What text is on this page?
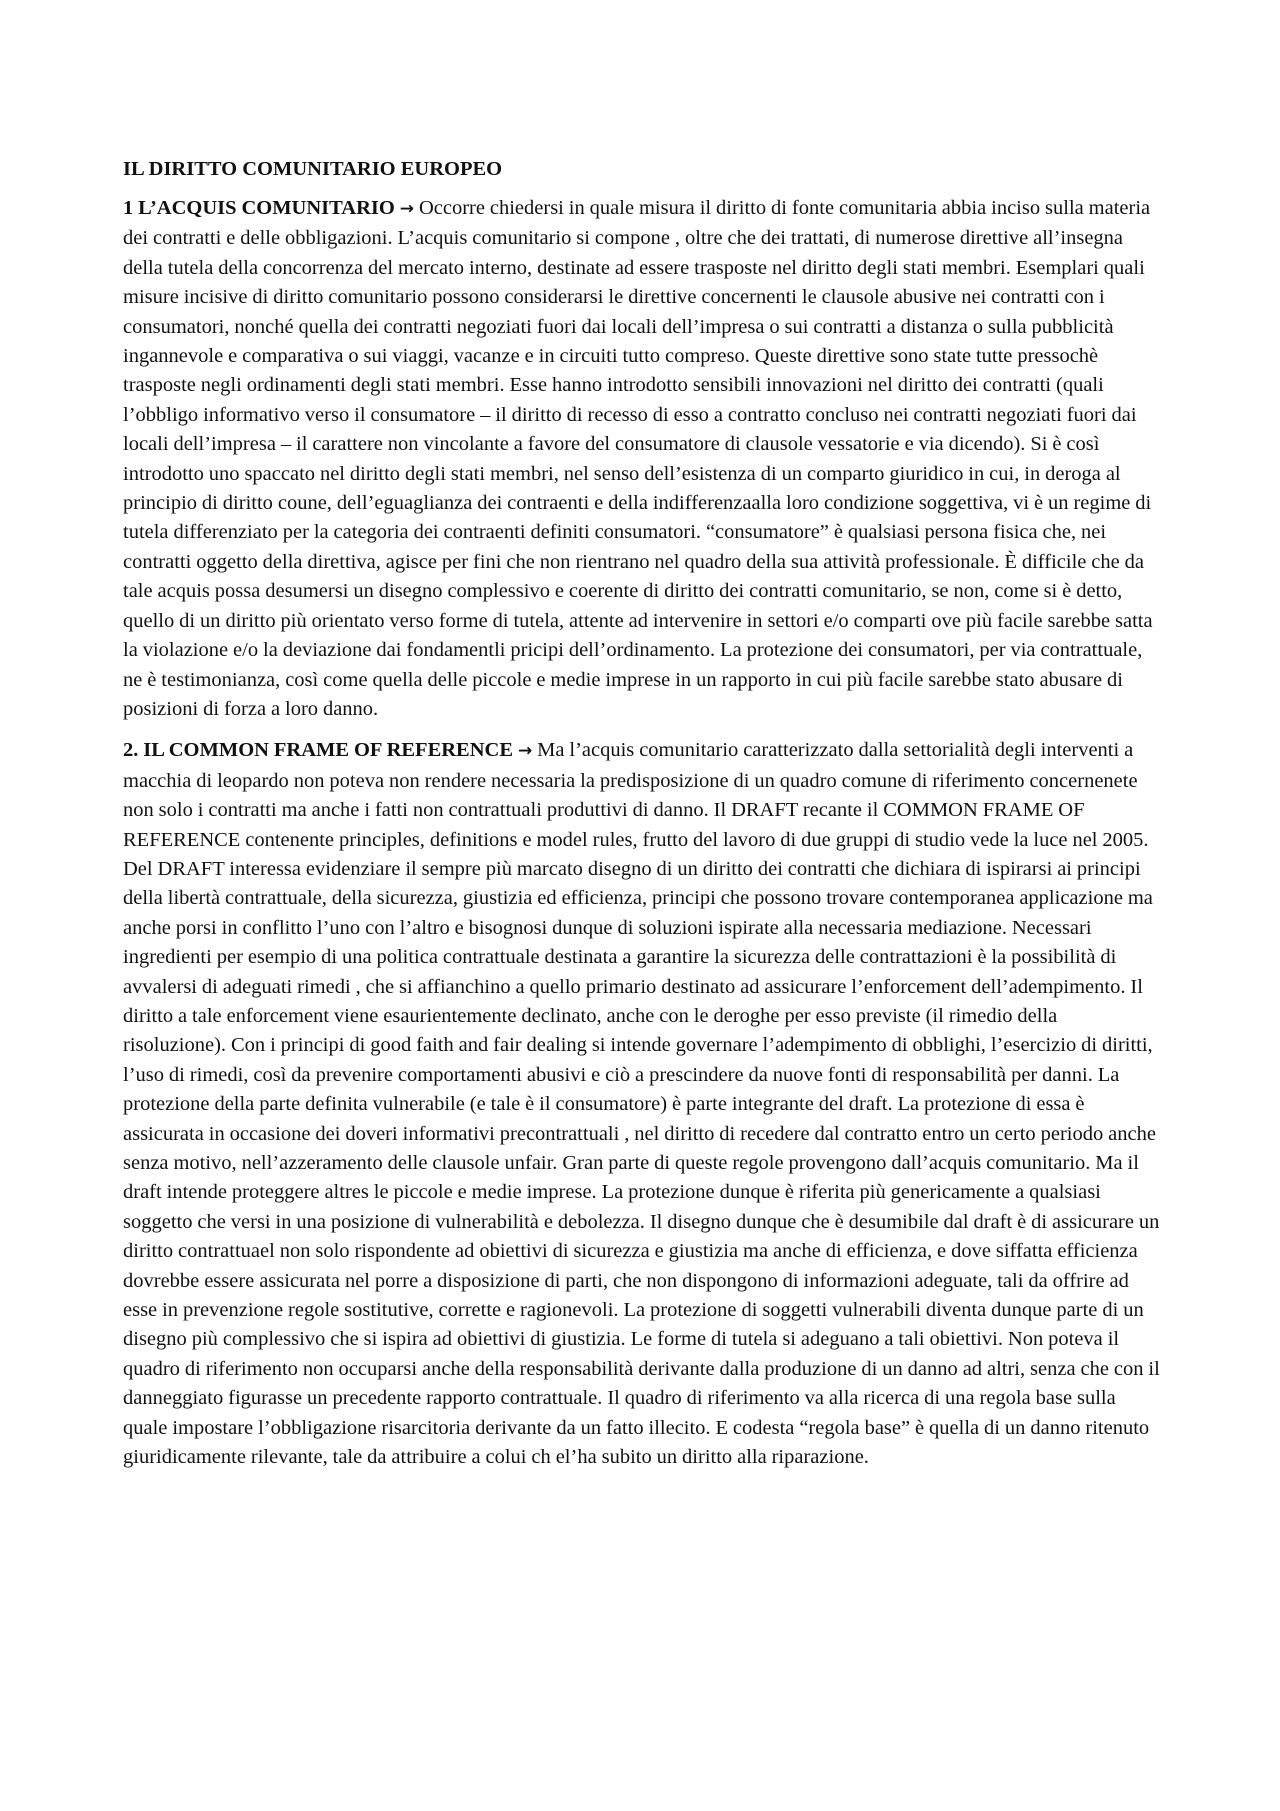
IL DIRITTO COMUNITARIO EUROPEO

1 L’ACQUIS COMUNITARIO → Occorre chiedersi in quale misura il diritto di fonte comunitaria abbia inciso sulla materia dei contratti e delle obbligazioni. L’acquis comunitario si compone , oltre che dei trattati, di numerose direttive all’insegna della tutela della concorrenza del mercato interno, destinate ad essere trasposte nel diritto degli stati membri. Esemplari quali misure incisive di diritto comunitario possono considerarsi le direttive concernenti le clausole abusive nei contratti con i consumatori, nonché quella dei contratti negoziati fuori dai locali dell’impresa o sui contratti a distanza o sulla pubblicità ingannevole e comparativa o sui viaggi, vacanze e in circuiti tutto compreso. Queste direttive sono state tutte pressochè trasposte negli ordinamenti degli stati membri. Esse hanno introdotto sensibili innovazioni nel diritto dei contratti (quali l’obbligo informativo verso il consumatore – il diritto di recesso di esso a contratto concluso nei contratti negoziati fuori dai locali dell’impresa – il carattere non vincolante a favore del consumatore di clausole vessatorie e via dicendo). Si è così introdotto uno spaccato nel diritto degli stati membri, nel senso dell’esistenza di un comparto giuridico in cui, in deroga al principio di diritto coune, dell’eguaglianza dei contraenti e della indifferenzaalla loro condizione soggettiva, vi è un regime di tutela differenziato per la categoria dei contraenti definiti consumatori. “consumatore” è qualsiasi persona fisica che, nei contratti oggetto della direttiva, agisce per fini che non rientrano nel quadro della sua attività professionale. È difficile che da tale acquis possa desumersi un disegno complessivo e coerente di diritto dei contratti comunitario, se non, come si è detto, quello di un diritto più orientato verso forme di tutela, attente ad intervenire in settori e/o comparti ove più facile sarebbe satta la violazione e/o la deviazione dai fondamentli pricipi dell’ordinamento. La protezione dei consumatori, per via contrattuale, ne è testimonianza, così come quella delle piccole e medie imprese in un rapporto in cui più facile sarebbe stato abusare di posizioni di forza a loro danno.

2. IL COMMON FRAME OF REFERENCE → Ma l’acquis comunitario caratterizzato dalla settorialità degli interventi a macchia di leopardo non poteva non rendere necessaria la predisposizione di un quadro comune di riferimento concernenete non solo i contratti ma anche i fatti non contrattuali produttivi di danno. Il DRAFT recante il COMMON FRAME OF REFERENCE contenente principles, definitions e model rules, frutto del lavoro di due gruppi di studio vede la luce nel 2005. Del DRAFT interessa evidenziare il sempre più marcato disegno di un diritto dei contratti che dichiara di ispirarsi ai principi della libertà contrattuale, della sicurezza, giustizia ed efficienza, principi che possono trovare contemporanea applicazione ma anche porsi in conflitto l’uno con l’altro e bisognosi dunque di soluzioni ispirate alla necessaria mediazione. Necessari ingredienti per esempio di una politica contrattuale destinata a garantire la sicurezza delle contrattazioni è la possibilità di avvalersi di adeguati rimedi , che si affianchino a quello primario destinato ad assicurare l’enforcement dell’adempimento. Il diritto a tale enforcement viene esaurientemente declinato, anche con le deroghe per esso previste (il rimedio della risoluzione). Con i principi di good faith and fair dealing si intende governare l’adempimento di obblighi, l’esercizio di diritti, l’uso di rimedi, così da prevenire comportamenti abusivi e ciò a prescindere da nuove fonti di responsabilità per danni. La protezione della parte definita vulnerabile (e tale è il consumatore) è parte integrante del draft. La protezione di essa è assicurata in occasione dei doveri informativi precontrattuali , nel diritto di recedere dal contratto entro un certo periodo anche senza motivo, nell’azzeramento delle clausole unfair. Gran parte di queste regole provengono dall’acquis comunitario. Ma il draft intende proteggere altres le piccole e medie imprese. La protezione dunque è riferita più genericamente a qualsiasi soggetto che versi in una posizione di vulnerabilità e debolezza. Il disegno dunque che è desumibile dal draft è di assicurare un diritto contrattuael non solo rispondente ad obiettivi di sicurezza e giustizia ma anche di efficienza, e dove siffatta efficienza dovrebbe essere assicurata nel porre a disposizione di parti, che non dispongono di informazioni adeguate, tali da offrire ad esse in prevenzione regole sostitutive, corrette e ragionevoli. La protezione di soggetti vulnerabili diventa dunque parte di un disegno più complessivo che si ispira ad obiettivi di giustizia. Le forme di tutela si adeguano a tali obiettivi. Non poteva il quadro di riferimento non occuparsi anche della responsabilità derivante dalla produzione di un danno ad altri, senza che con il danneggiato figurasse un precedente rapporto contrattuale. Il quadro di riferimento va alla ricerca di una regola base sulla quale impostare l’obbligazione risarcitoria derivante da un fatto illecito. E codesta “regola base” è quella di un danno ritenuto giuridicamente rilevante, tale da attribuire a colui ch el’ha subito un diritto alla riparazione.
